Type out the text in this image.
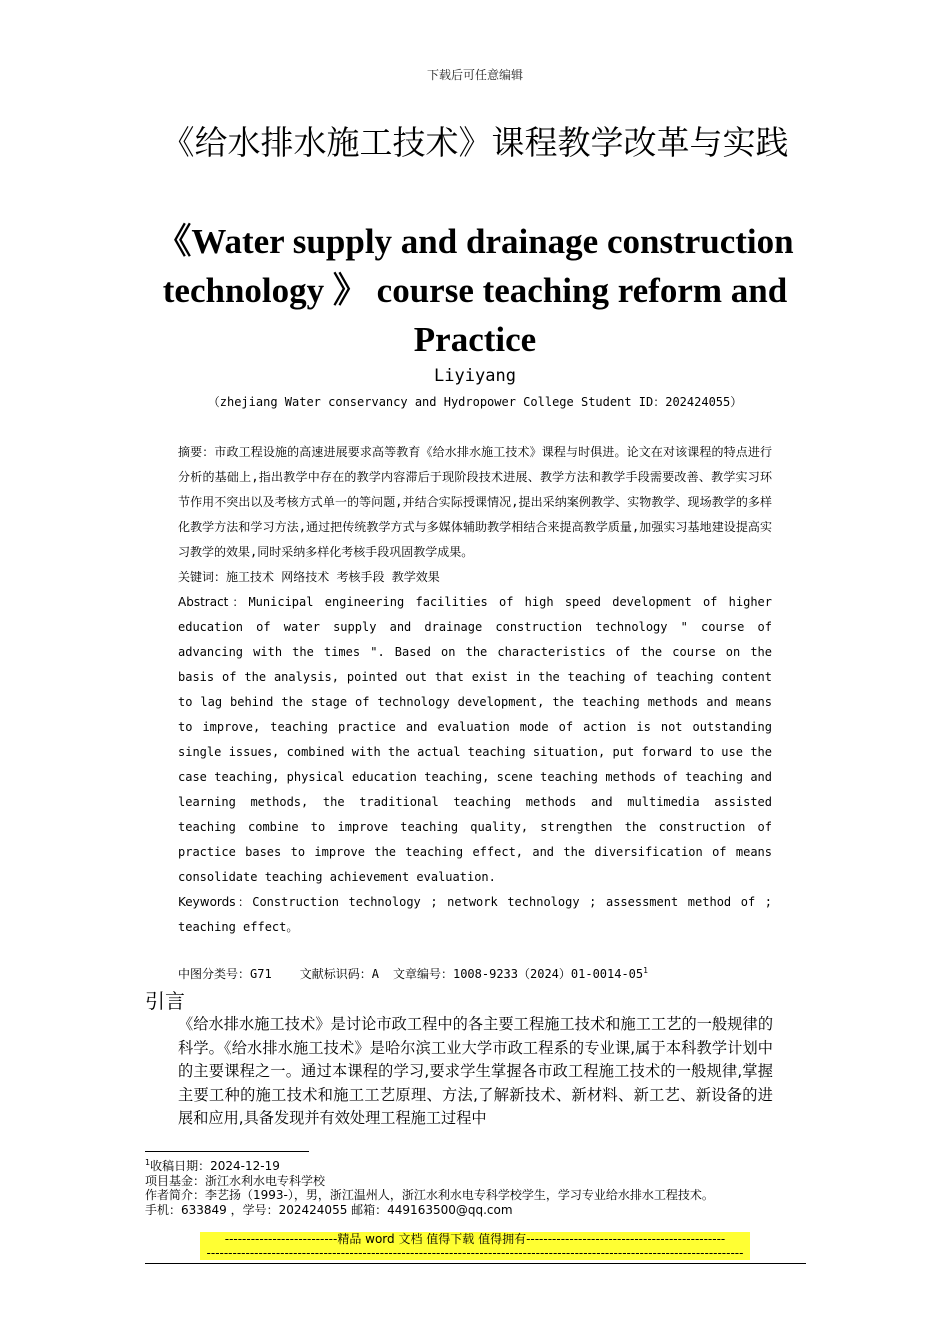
下载后可任意编辑
《给水排水施工技术》课程教学改革与实践
《Water supply and drainage construction technology 》 course teaching reform and Practice
Liyiyang
（zhejiang Water conservancy and Hydropower College Student ID：202424055）

摘要：市政工程设施的高速进展要求高等教育《给水排水施工技术》课程与时俱进。论文在对该课程的特点进行分析的基础上,指出教学中存在的教学内容滞后于现阶段技术进展、教学方法和教学手段需要改善、教学实习环节作用不突出以及考核方式单一的等问题,并结合实际授课情况,提出采纳案例教学、实物教学、现场教学的多样化教学方法和学习方法,通过把传统教学方式与多媒体辅助教学相结合来提高教学质量,加强实习基地建设提高实习教学的效果,同时采纳多样化考核手段巩固教学成果。

关键词：施工技术 网络技术 考核手段 教学效果

Abstract：Municipal engineering facilities of high speed development of higher education of water supply and drainage construction technology " course of advancing with the times ". Based on the characteristics of the course on the basis of the analysis, pointed out that exist in the teaching of teaching content to lag behind the stage of technology development, the teaching methods and means to improve, teaching practice and evaluation mode of action is not outstanding single issues, combined with the actual teaching situation, put forward to use the case teaching, physical education teaching, scene teaching methods of teaching and learning methods, the traditional teaching methods and multimedia assisted teaching combine to improve teaching quality, strengthen the construction of practice bases to improve the teaching effect, and the diversification of means consolidate teaching achievement evaluation.

Keywords：Construction technology ; network technology ; assessment method of ; teaching effect。

中图分类号：G71 文献标识码：A 文章编号：$1008-9233(2024)01-0014-05^1$
引言

《给水排水施工技术》是讨论市政工程中的各主要工程施工技术和施工工艺的一般规律的科学。《给水排水施工技术》是哈尔滨工业大学市政工程系的专业课,属于本科教学计划中的主要课程之一。通过本课程的学习,要求学生掌握各市政工程施工技术的一般规律,掌握主要工种的施工技术和施工工艺原理、方法,了解新技术、新材料、新工艺、新设备的进展和应用,具备发现并有效处理工程施工过程中

$^1$收稿日期：2024-12-19
项目基金：浙江水利水电专科学校
作者简介：李艺扬（1993-），男，浙江温州人，浙江水利水电专科学校学生，学习专业给水排水工程技术。
手机：633849 ，学号：202424055 邮箱：449163500@qq.com
--------------------------精品 word 文档 值得下载 值得拥有----------------------------------------------
----------------------------------------------------------------------------------------------------------------------------
